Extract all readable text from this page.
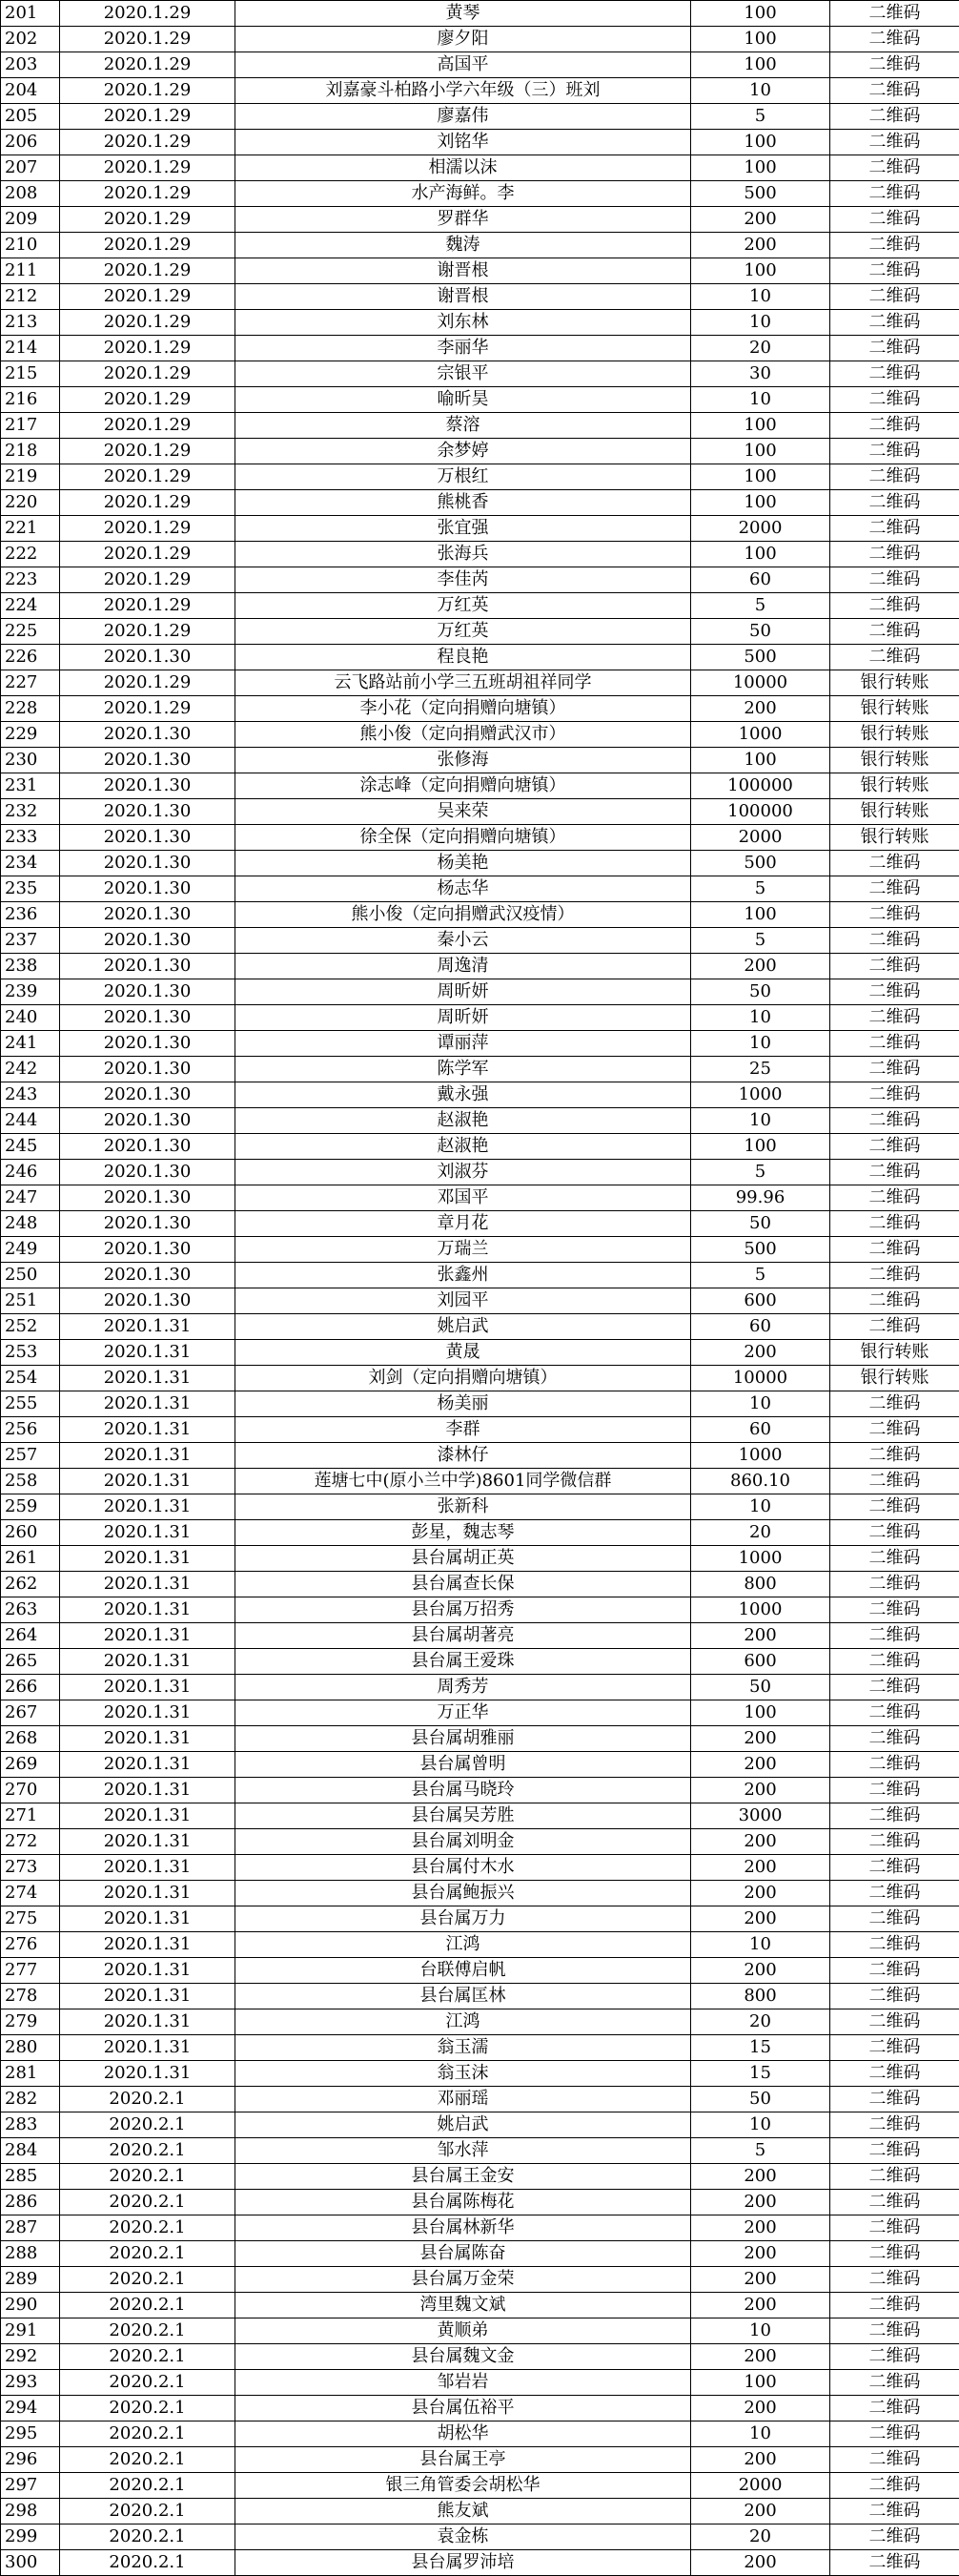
201	2020.1.29	黄琴	100	二维码
202	2020.1.29	廖夕阳	100	二维码
203	2020.1.29	高国平	100	二维码
204	2020.1.29	刘嘉豪斗柏路小学六年级（三）班刘	10	二维码
205	2020.1.29	廖嘉伟	5	二维码
206	2020.1.29	刘铭华	100	二维码
207	2020.1.29	相濡以沫	100	二维码
208	2020.1.29	水产海鲜。李	500	二维码
209	2020.1.29	罗群华	200	二维码
210	2020.1.29	魏涛	200	二维码
211	2020.1.29	谢晋根	100	二维码
212	2020.1.29	谢晋根	10	二维码
213	2020.1.29	刘东林	10	二维码
214	2020.1.29	李丽华	20	二维码
215	2020.1.29	宗银平	30	二维码
216	2020.1.29	喻昕昊	10	二维码
217	2020.1.29	蔡溶	100	二维码
218	2020.1.29	余梦婷	100	二维码
219	2020.1.29	万根红	100	二维码
220	2020.1.29	熊桃香	100	二维码
221	2020.1.29	张宜强	2000	二维码
222	2020.1.29	张海兵	100	二维码
223	2020.1.29	李佳芮	60	二维码
224	2020.1.29	万红英	5	二维码
225	2020.1.29	万红英	50	二维码
226	2020.1.30	程良艳	500	二维码
227	2020.1.29	云飞路站前小学三五班胡祖祥同学	10000	银行转账
228	2020.1.29	李小花（定向捐赠向塘镇）	200	银行转账
229	2020.1.30	熊小俊（定向捐赠武汉市）	1000	银行转账
230	2020.1.30	张修海	100	银行转账
231	2020.1.30	涂志峰（定向捐赠向塘镇）	100000	银行转账
232	2020.1.30	吴来荣	100000	银行转账
233	2020.1.30	徐全保（定向捐赠向塘镇）	2000	银行转账
234	2020.1.30	杨美艳	500	二维码
235	2020.1.30	杨志华	5	二维码
236	2020.1.30	熊小俊（定向捐赠武汉疫情）	100	二维码
237	2020.1.30	秦小云	5	二维码
238	2020.1.30	周逸清	200	二维码
239	2020.1.30	周昕妍	50	二维码
240	2020.1.30	周昕妍	10	二维码
241	2020.1.30	谭丽萍	10	二维码
242	2020.1.30	陈学军	25	二维码
243	2020.1.30	戴永强	1000	二维码
244	2020.1.30	赵淑艳	10	二维码
245	2020.1.30	赵淑艳	100	二维码
246	2020.1.30	刘淑芬	5	二维码
247	2020.1.30	邓国平	99.96	二维码
248	2020.1.30	章月花	50	二维码
249	2020.1.30	万瑞兰	500	二维码
250	2020.1.30	张鑫州	5	二维码
251	2020.1.30	刘园平	600	二维码
252	2020.1.31	姚启武	60	二维码
253	2020.1.31	黄晟	200	银行转账
254	2020.1.31	刘剑（定向捐赠向塘镇）	10000	银行转账
255	2020.1.31	杨美丽	10	二维码
256	2020.1.31	李群	60	二维码
257	2020.1.31	漆林仔	1000	二维码
258	2020.1.31	莲塘七中(原小兰中学)8601同学微信群	860.10	二维码
259	2020.1.31	张新科	10	二维码
260	2020.1.31	彭星，魏志琴	20	二维码
261	2020.1.31	县台属胡正英	1000	二维码
262	2020.1.31	县台属查长保	800	二维码
263	2020.1.31	县台属万招秀	1000	二维码
264	2020.1.31	县台属胡著亮	200	二维码
265	2020.1.31	县台属王爱珠	600	二维码
266	2020.1.31	周秀芳	50	二维码
267	2020.1.31	万正华	100	二维码
268	2020.1.31	县台属胡雅丽	200	二维码
269	2020.1.31	县台属曾明	200	二维码
270	2020.1.31	县台属马晓玲	200	二维码
271	2020.1.31	县台属吴芳胜	3000	二维码
272	2020.1.31	县台属刘明金	200	二维码
273	2020.1.31	县台属付木水	200	二维码
274	2020.1.31	县台属鲍振兴	200	二维码
275	2020.1.31	县台属万力	200	二维码
276	2020.1.31	江鸿	10	二维码
277	2020.1.31	台联傅启帆	200	二维码
278	2020.1.31	县台属匡林	800	二维码
279	2020.1.31	江鸿	20	二维码
280	2020.1.31	翁玉濡	15	二维码
281	2020.1.31	翁玉沫	15	二维码
282	2020.2.1	邓丽瑶	50	二维码
283	2020.2.1	姚启武	10	二维码
284	2020.2.1	邹水萍	5	二维码
285	2020.2.1	县台属王金安	200	二维码
286	2020.2.1	县台属陈梅花	200	二维码
287	2020.2.1	县台属林新华	200	二维码
288	2020.2.1	县台属陈奋	200	二维码
289	2020.2.1	县台属万金荣	200	二维码
290	2020.2.1	湾里魏文斌	200	二维码
291	2020.2.1	黄顺弟	10	二维码
292	2020.2.1	县台属魏文金	200	二维码
293	2020.2.1	邹岩岩	100	二维码
294	2020.2.1	县台属伍裕平	200	二维码
295	2020.2.1	胡松华	10	二维码
296	2020.2.1	县台属王亭	200	二维码
297	2020.2.1	银三角管委会胡松华	2000	二维码
298	2020.2.1	熊友斌	200	二维码
299	2020.2.1	袁金栋	20	二维码
300	2020.2.1	县台属罗沛培	200	二维码
